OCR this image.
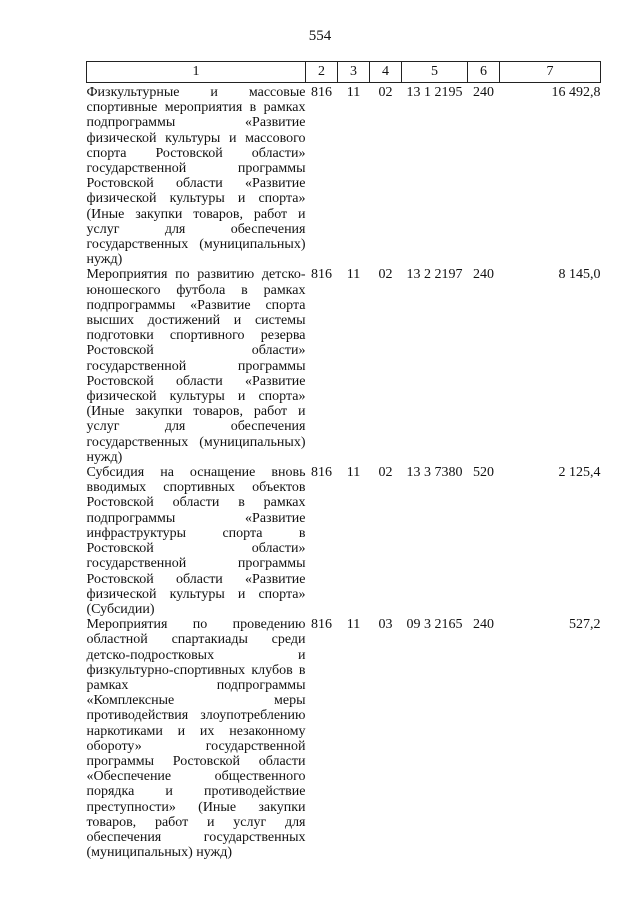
554
1	2	3	4	5	6	7
Физкультурные и массовые спортивные мероприятия в рамках подпрограммы «Развитие физической культуры и массового спорта Ростовской области» государственной программы Ростовской области «Развитие физической культуры и спорта» (Иные закупки товаров, работ и услуг для обеспечения государственных (муниципальных) нужд)	816	11	02	13 1 2195	240	16 492,8
Мероприятия по развитию детско-юношеского футбола в рамках подпрограммы «Развитие спорта высших достижений и системы подготовки спортивного резерва Ростовской области» государственной программы Ростовской области «Развитие физической культуры и спорта» (Иные закупки товаров, работ и услуг для обеспечения государственных (муниципальных) нужд)	816	11	02	13 2 2197	240	8 145,0
Субсидия на оснащение вновь вводимых спортивных объектов Ростовской области в рамках подпрограммы «Развитие инфраструктуры спорта в Ростовской области» государственной программы Ростовской области «Развитие физической культуры и спорта» (Субсидии)	816	11	02	13 3 7380	520	2 125,4
Мероприятия по проведению областной спартакиады среди детско-подростковых и физкультурно-спортивных клубов в рамках подпрограммы «Комплексные меры противодействия злоупотреблению наркотиками и их незаконному обороту» государственной программы Ростовской области «Обеспечение общественного порядка и противодействие преступности» (Иные закупки товаров, работ и услуг для обеспечения государственных (муниципальных) нужд)	816	11	03	09 3 2165	240	527,2
